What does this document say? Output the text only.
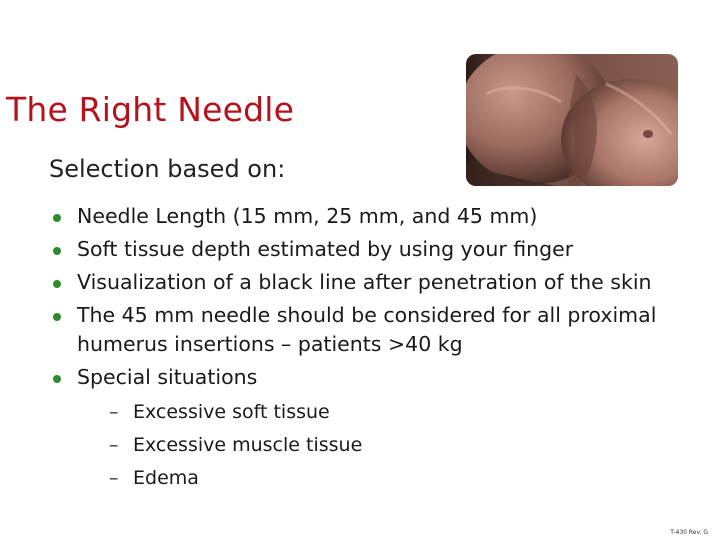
The Right Needle
Selection based on:
Needle Length (15 mm, 25 mm, and 45 mm)
Soft tissue depth estimated by using your finger
Visualization of a black line after penetration of the skin
The 45 mm needle should be considered for all proximal humerus insertions – patients >40 kg
Special situations
– Excessive soft tissue
– Excessive muscle tissue
– Edema
T-430 Rev. G
